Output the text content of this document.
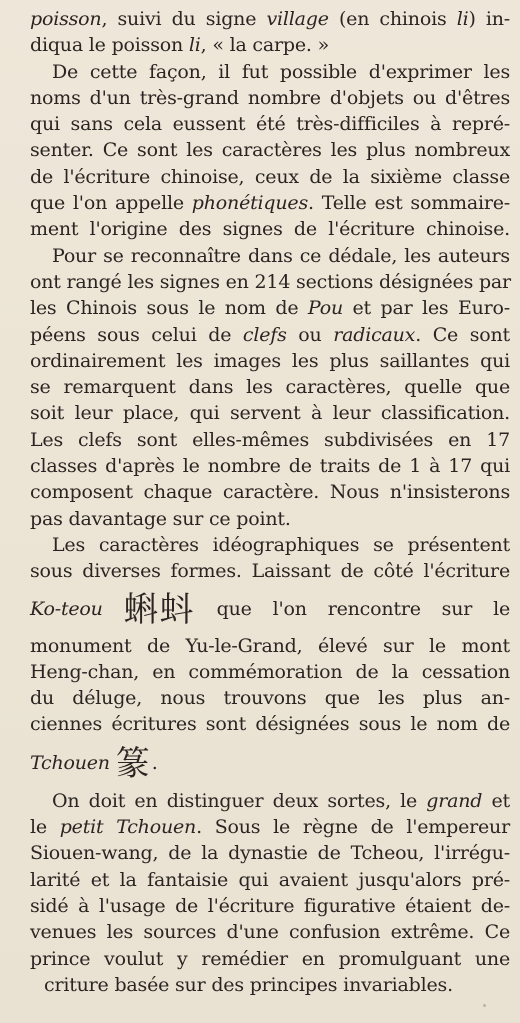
poisson, suivi du signe village (en chinois li) in-
diqua le poisson li, « la carpe. »
De cette façon, il fut possible d'exprimer les
noms d'un très-grand nombre d'objets ou d'êtres
qui sans cela eussent été très-difficiles à repré-
senter. Ce sont les caractères les plus nombreux
de l'écriture chinoise, ceux de la sixième classe
que l'on appelle phonétiques. Telle est sommaire-
ment l'origine des signes de l'écriture chinoise.
Pour se reconnaître dans ce dédale, les auteurs
ont rangé les signes en 214 sections désignées par
les Chinois sous le nom de Pou et par les Euro-
péens sous celui de clefs ou radicaux. Ce sont
ordinairement les images les plus saillantes qui
se remarquent dans les caractères, quelle que
soit leur place, qui servent à leur classification.
Les clefs sont elles-mêmes subdivisées en 17
classes d'après le nombre de traits de 1 à 17 qui
composent chaque caractère. Nous n'insisterons
pas davantage sur ce point.
Les caractères idéographiques se présentent
sous diverses formes. Laissant de côté l'écriture
Ko-teou 蝌蚪 que l'on rencontre sur le
monument de Yu-le-Grand, élevé sur le mont
Heng-chan, en commémoration de la cessation
du déluge, nous trouvons que les plus an-
ciennes écritures sont désignées sous le nom de
Tchouen 篆.
On doit en distinguer deux sortes, le grand et
le petit Tchouen. Sous le règne de l'empereur
Siouen-wang, de la dynastie de Tcheou, l'irrégu-
larité et la fantaisie qui avaient jusqu'alors pré-
sidé à l'usage de l'écriture figurative étaient de-
venues les sources d'une confusion extrême. Ce
prince voulut y remédier en promulguant une
criture basée sur des principes invariables.
